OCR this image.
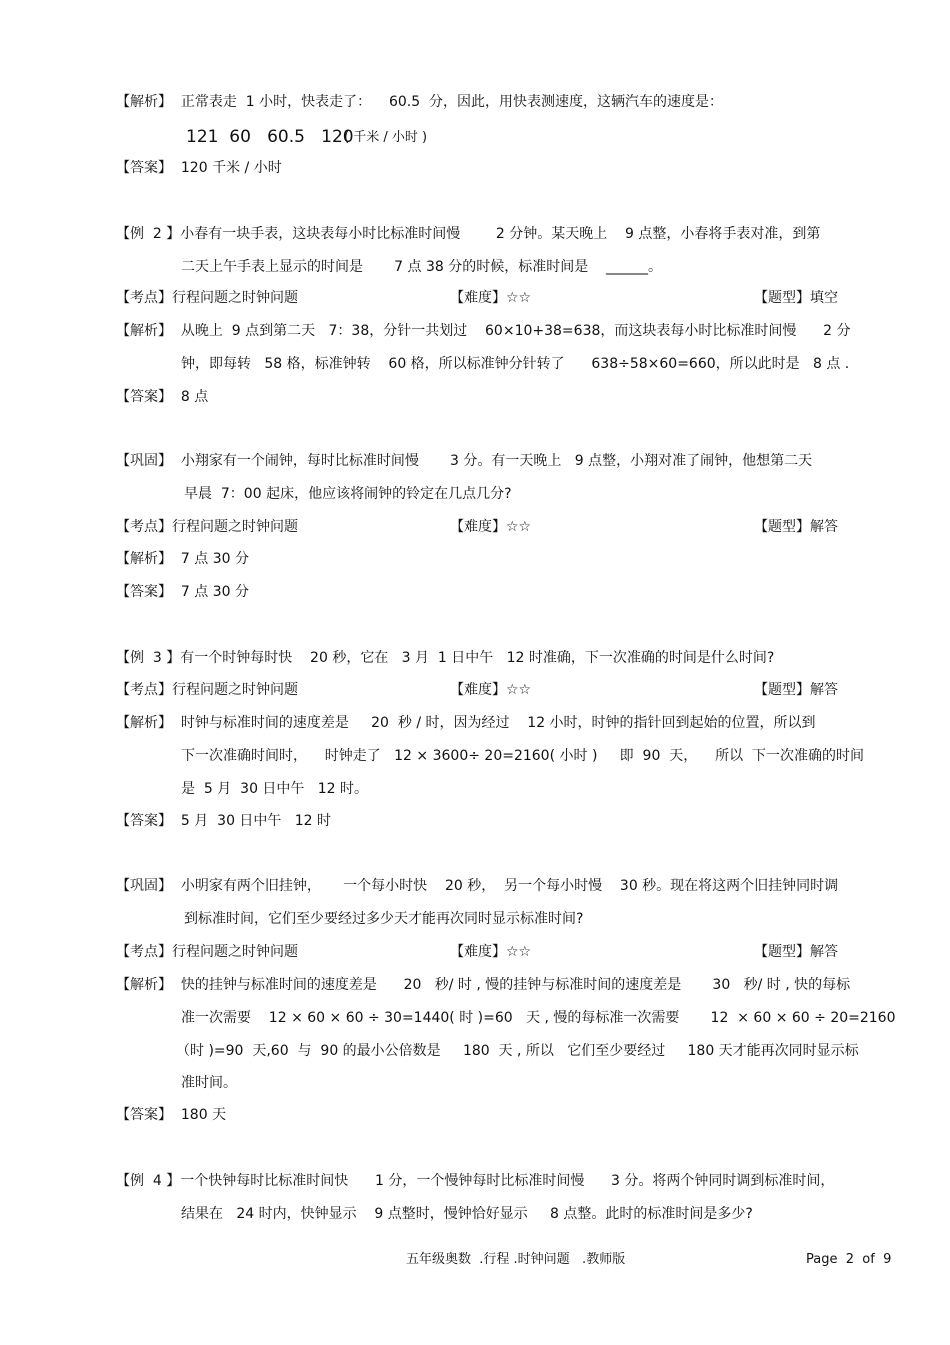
【解析】  正常表走  1 小时，快表走了：    60.5  分，因此，用快表测速度，这辆汽车的速度是：
121  60   60.5   120
( 千米 / 小时 )
【答案】  120 千米 / 小时
【例  2 】小春有一块手表，这块表每小时比标准时间慢        2 分钟。某天晚上    9 点整，小春将手表对准，到第
二天上午手表上显示的时间是       7 点 38 分的时候，标准时间是    ______。
【考点】行程问题之时钟问题	【难度】☆☆	【题型】填空
【解析】  从晚上  9 点到第二天   7：38，分针一共划过    60×10+38=638，而这块表每小时比标准时间慢      2 分
钟，即每转   58 格，标准钟转    60 格，所以标准钟分针转了      638÷58×60=660，所以此时是   8 点 .
【答案】  8 点
【巩固】  小翔家有一个闹钟，每时比标准时间慢       3 分。有一天晚上   9 点整，小翔对准了闹钟，他想第二天
早晨  7：00 起床，他应该将闹钟的铃定在几点几分?
【考点】行程问题之时钟问题	【难度】☆☆	【题型】解答
【解析】  7 点 30 分
【答案】  7 点 30 分
【例  3 】有一个时钟每时快    20 秒，它在   3 月  1 日中午   12 时准确，下一次准确的时间是什么时间?
【考点】行程问题之时钟问题	【难度】☆☆	【题型】解答
【解析】  时钟与标准时间的速度差是     20  秒 / 时，因为经过    12 小时，时钟的指针回到起始的位置，所以到
下一次准确时间时，    时钟走了   12 × 3600÷ 20=2160( 小时 )     即  90  天，    所以  下一次准确的时间
是  5 月  30 日中午   12 时。
【答案】  5 月  30 日中午   12 时
【巩固】  小明家有两个旧挂钟，     一个每小时快    20 秒，  另一个每小时慢    30 秒。现在将这两个旧挂钟同时调
到标准时间，它们至少要经过多少天才能再次同时显示标准时间?
【考点】行程问题之时钟问题	【难度】☆☆	【题型】解答
【解析】  快的挂钟与标准时间的速度差是      20   秒/ 时 , 慢的挂钟与标准时间的速度差是       30   秒/ 时 , 快的每标
准一次需要    12 × 60 × 60 ÷ 30=1440( 时 )=60   天 , 慢的每标准一次需要       12  × 60 × 60 ÷ 20=2160
（时 )=90  天,60  与  90 的最小公倍数是     180  天 , 所以   它们至少要经过     180 天才能再次同时显示标
准时间。
【答案】  180 天
【例  4 】一个快钟每时比标准时间快      1 分，一个慢钟每时比标准时间慢      3 分。将两个钟同时调到标准时间，
结果在   24 时内，快钟显示    9 点整时，慢钟恰好显示     8 点整。此时的标准时间是多少?
五年级奥数  .行程 .时钟问题   .教师版	Page  2  of  9
